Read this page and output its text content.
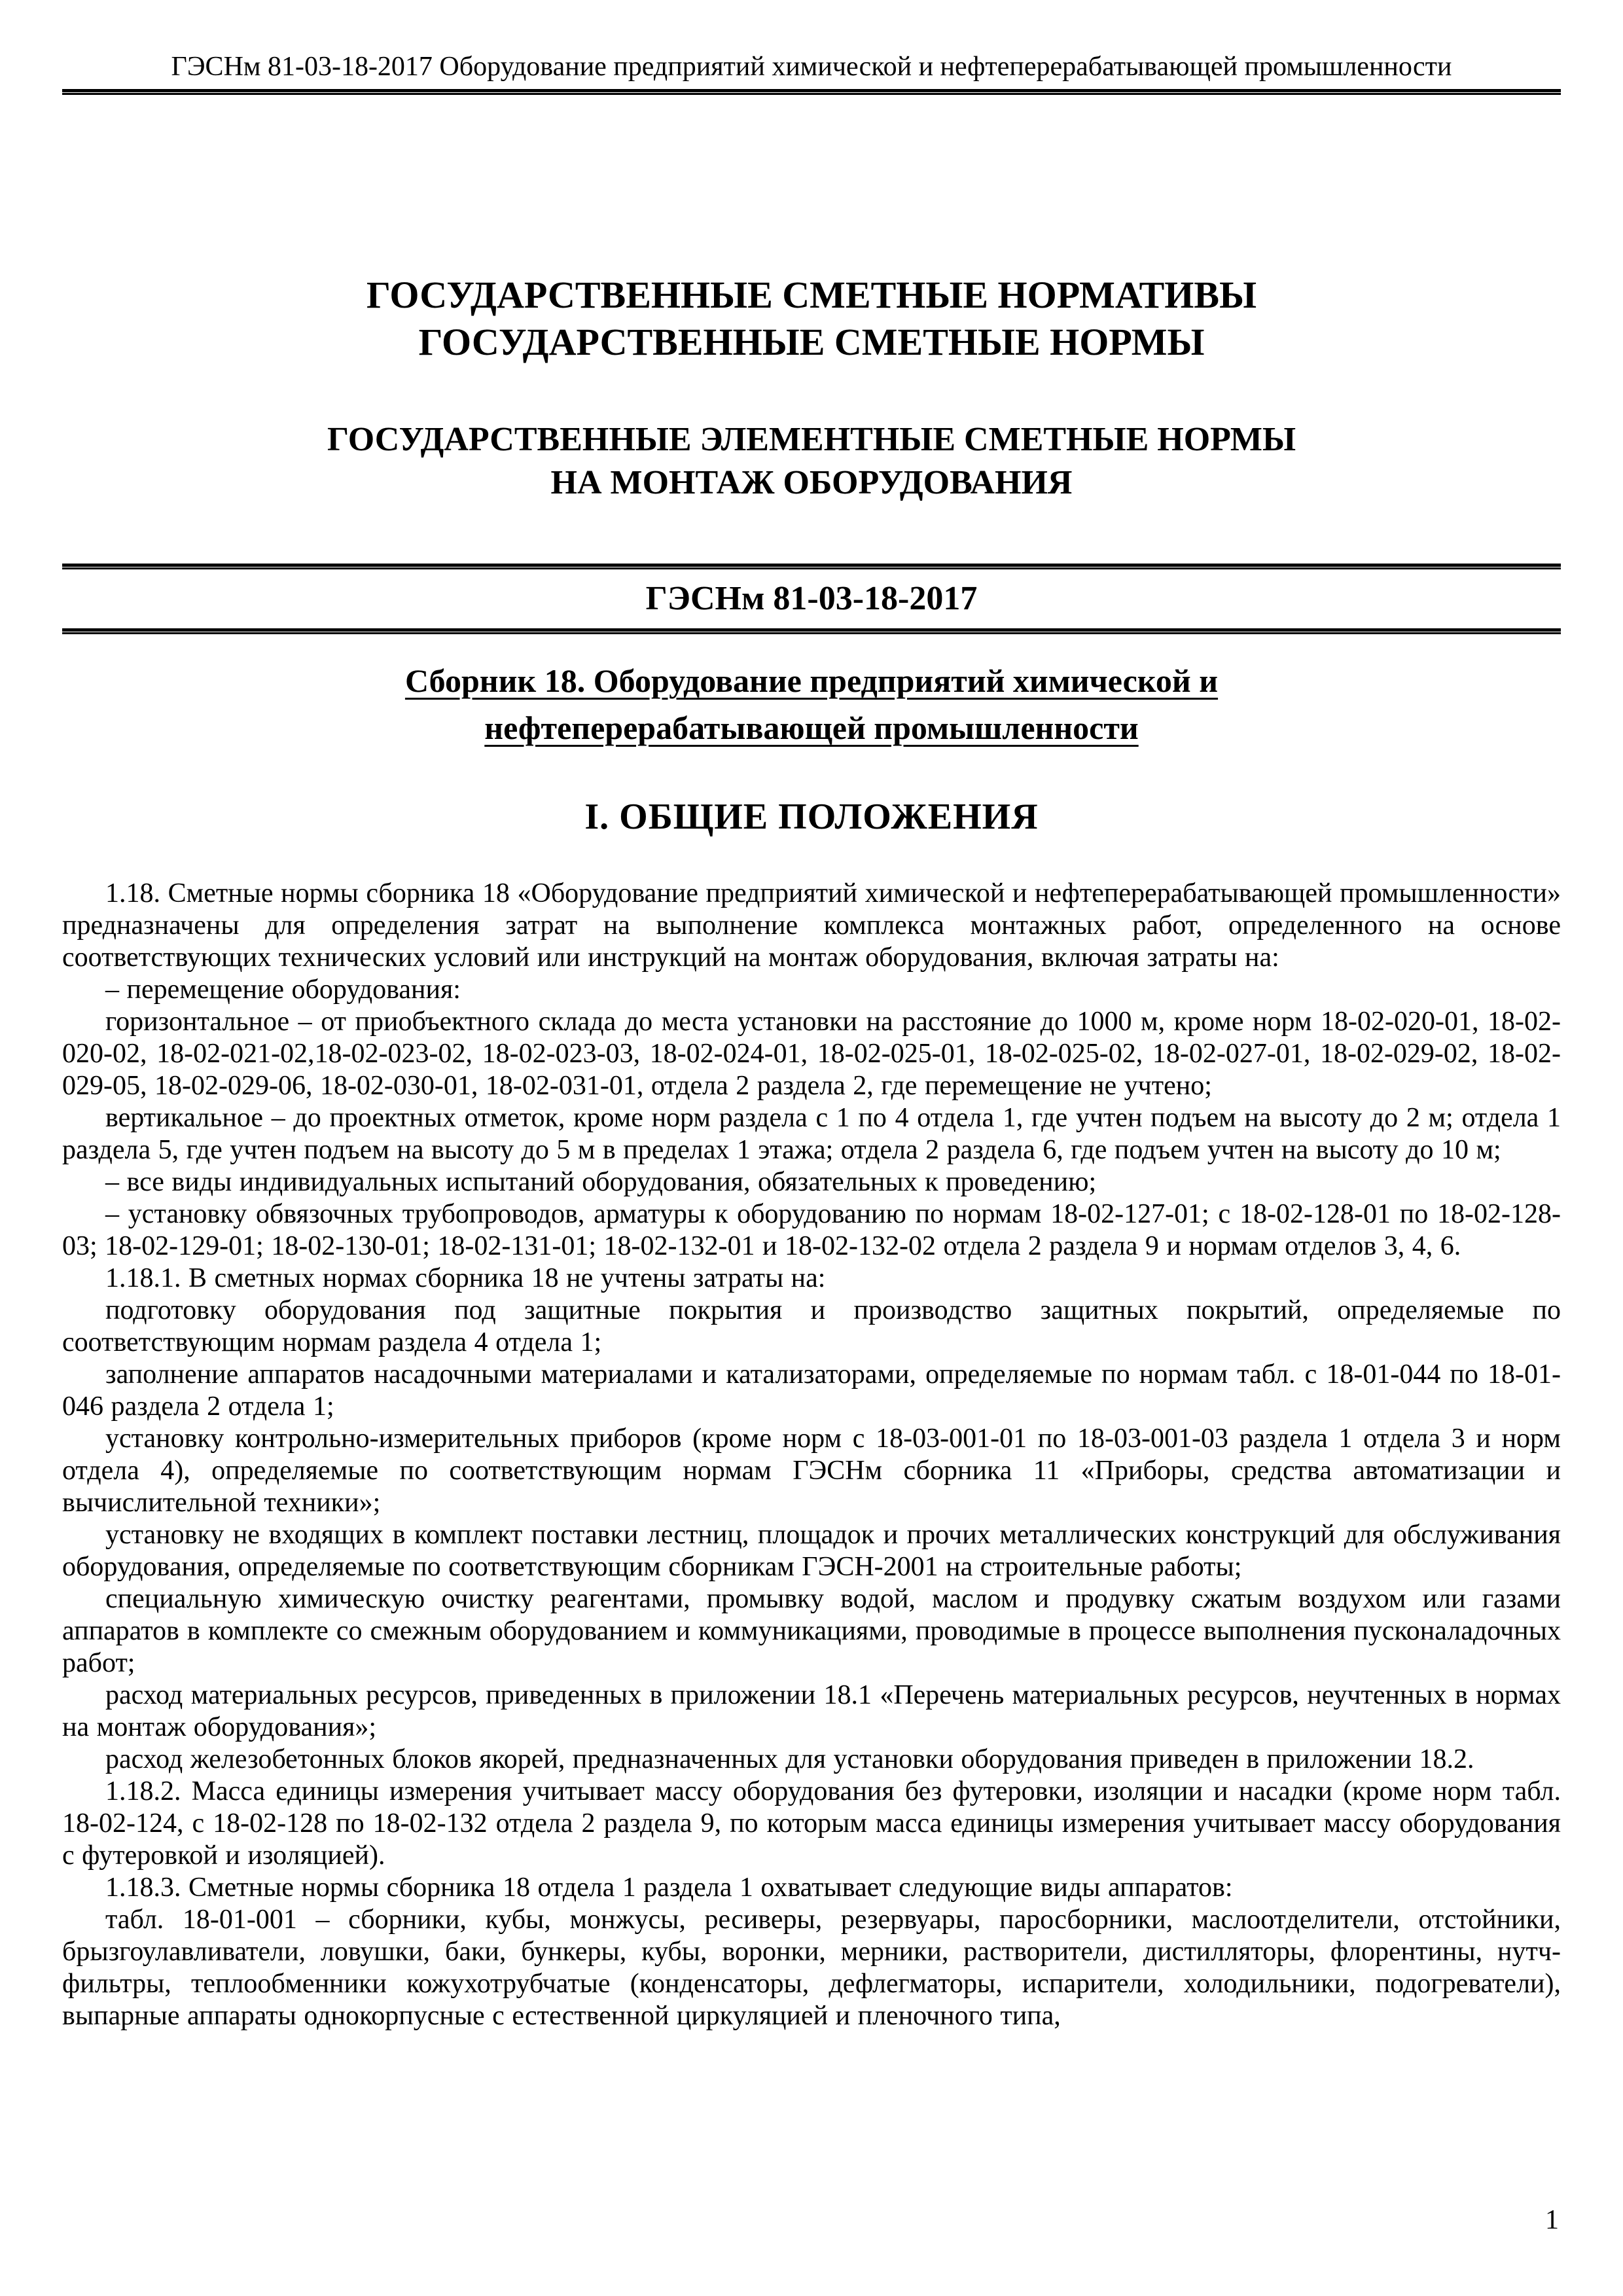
ГЭСНм 81-03-18-2017 Оборудование предприятий химической и нефтеперерабатывающей промышленности
ГОСУДАРСТВЕННЫЕ СМЕТНЫЕ НОРМАТИВЫ
ГОСУДАРСТВЕННЫЕ СМЕТНЫЕ НОРМЫ
ГОСУДАРСТВЕННЫЕ ЭЛЕМЕНТНЫЕ СМЕТНЫЕ НОРМЫ
НА МОНТАЖ ОБОРУДОВАНИЯ
ГЭСНм 81-03-18-2017
Сборник 18. Оборудование предприятий химической и
нефтеперерабатывающей промышленности
I. ОБЩИЕ ПОЛОЖЕНИЯ

1.18. Сметные нормы сборника 18 «Оборудование предприятий химической и нефтеперерабатывающей промышленности» предназначены для определения затрат на выполнение комплекса монтажных работ, определенного на основе соответствующих технических условий или инструкций на монтаж оборудования, включая затраты на:

– перемещение оборудования:

горизонтальное – от приобъектного склада до места установки на расстояние до 1000 м, кроме норм 18-02-020-01, 18-02-020-02, 18-02-021-02,18-02-023-02, 18-02-023-03, 18-02-024-01, 18-02-025-01, 18-02-025-02, 18-02-027-01, 18-02-029-02, 18-02-029-05, 18-02-029-06, 18-02-030-01, 18-02-031-01, отдела 2 раздела 2, где перемещение не учтено;

вертикальное – до проектных отметок, кроме норм раздела с 1 по 4 отдела 1, где учтен подъем на высоту до 2 м; отдела 1 раздела 5, где учтен подъем на высоту до 5 м в пределах 1 этажа; отдела 2 раздела 6, где подъем учтен на высоту до 10 м;

– все виды индивидуальных испытаний оборудования, обязательных к проведению;

– установку обвязочных трубопроводов, арматуры к оборудованию по нормам 18-02-127-01; с 18-02-128-01 по 18-02-128-03; 18-02-129-01; 18-02-130-01; 18-02-131-01; 18-02-132-01 и 18-02-132-02 отдела 2 раздела 9 и нормам отделов 3, 4, 6.

1.18.1. В сметных нормах сборника 18 не учтены затраты на:

подготовку оборудования под защитные покрытия и производство защитных покрытий, определяемые по соответствующим нормам раздела 4 отдела 1;

заполнение аппаратов насадочными материалами и катализаторами, определяемые по нормам табл. с 18-01-044 по 18-01-046 раздела 2 отдела 1;

установку контрольно-измерительных приборов (кроме норм с 18-03-001-01 по 18-03-001-03 раздела 1 отдела 3 и норм отдела 4), определяемые по соответствующим нормам ГЭСНм сборника 11 «Приборы, средства автоматизации и вычислительной техники»;

установку не входящих в комплект поставки лестниц, площадок и прочих металлических конструкций для обслуживания оборудования, определяемые по соответствующим сборникам ГЭСН-2001 на строительные работы;

специальную химическую очистку реагентами, промывку водой, маслом и продувку сжатым воздухом или газами аппаратов в комплекте со смежным оборудованием и коммуникациями, проводимые в процессе выполнения пусконаладочных работ;

расход материальных ресурсов, приведенных в приложении 18.1 «Перечень материальных ресурсов, неучтенных в нормах на монтаж оборудования»;

расход железобетонных блоков якорей, предназначенных для установки оборудования приведен в приложении 18.2.

1.18.2. Масса единицы измерения учитывает массу оборудования без футеровки, изоляции и насадки (кроме норм табл. 18-02-124, с 18-02-128 по 18-02-132 отдела 2 раздела 9, по которым масса единицы измерения учитывает массу оборудования с футеровкой и изоляцией).

1.18.3. Сметные нормы сборника 18 отдела 1 раздела 1 охватывает следующие виды аппаратов:

табл. 18-01-001 – сборники, кубы, монжусы, ресиверы, резервуары, паросборники, маслоотделители, отстойники, брызгоулавливатели, ловушки, баки, бункеры, кубы, воронки, мерники, растворители, дистилляторы, флорентины, нутч-фильтры, теплообменники кожухотрубчатые (конденсаторы, дефлегматоры, испарители, холодильники, подогреватели), выпарные аппараты однокорпусные с естественной циркуляцией и пленочного типа,

1
